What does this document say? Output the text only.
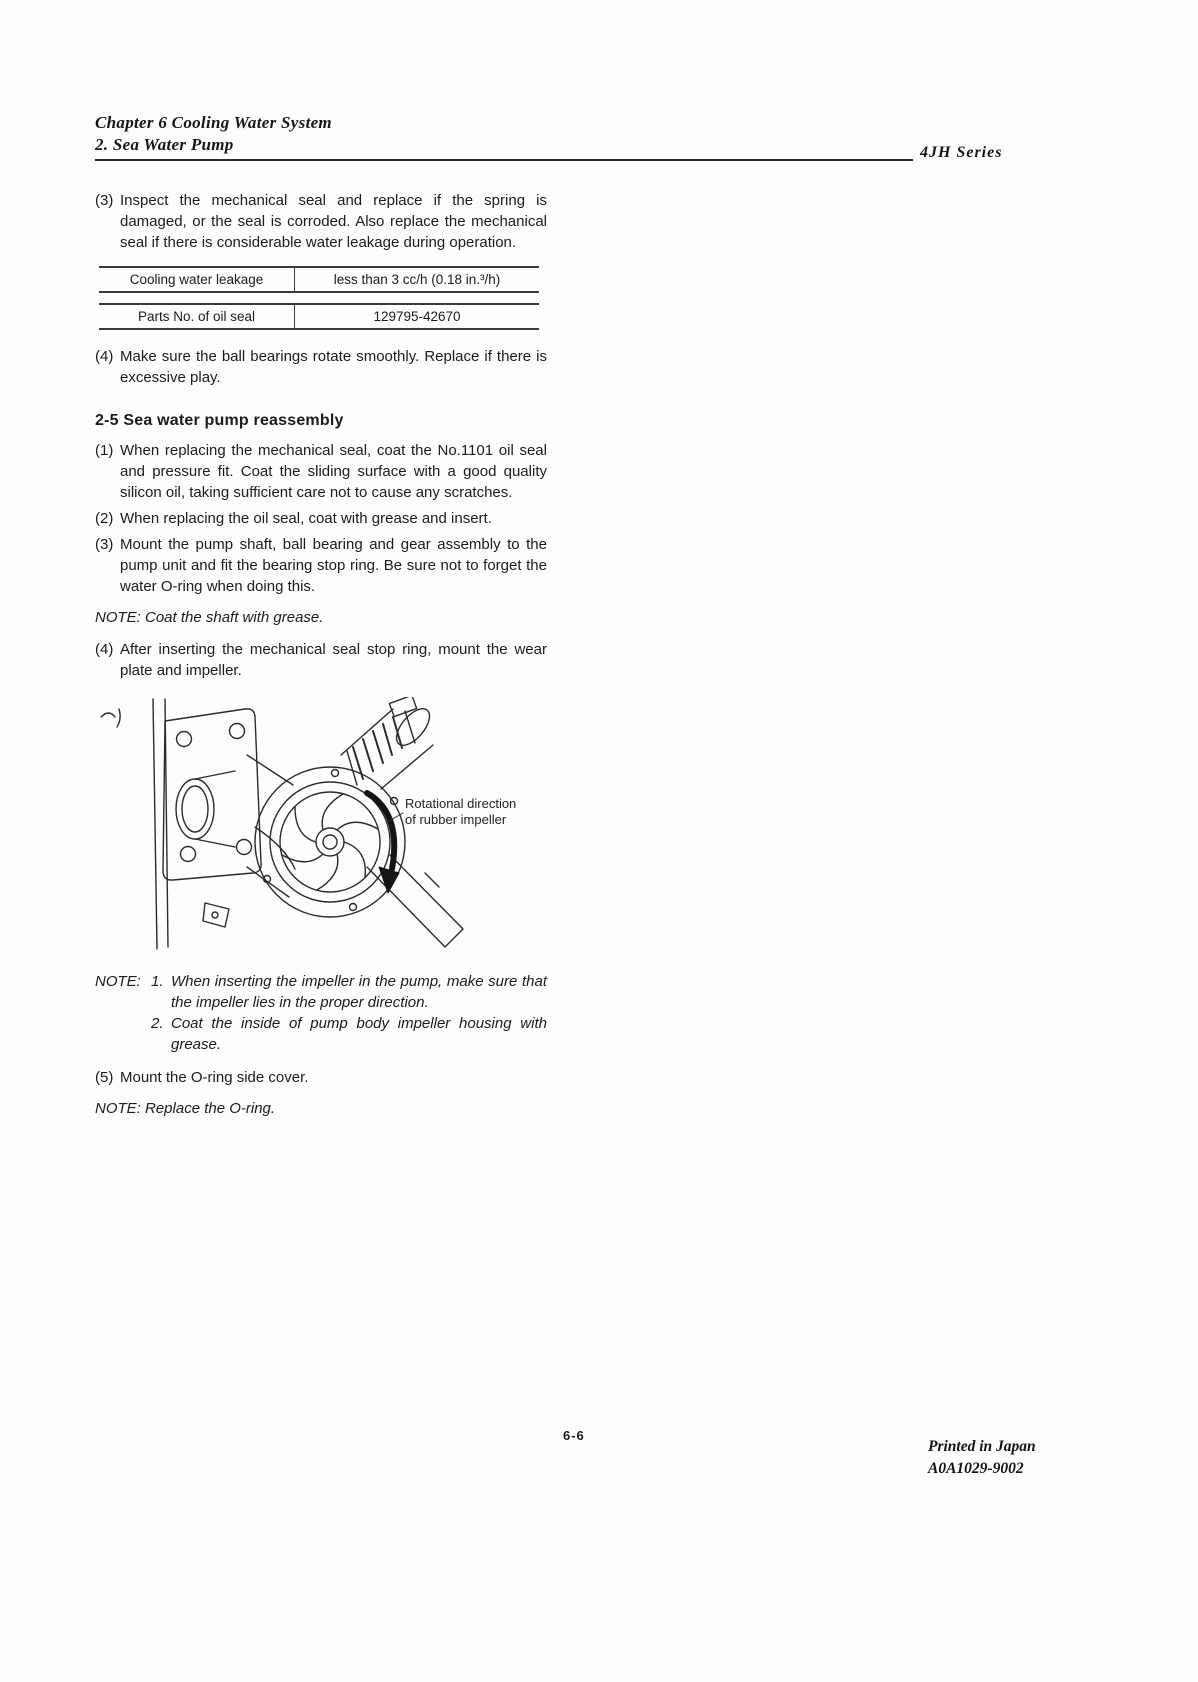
Chapter 6 Cooling Water System
2. Sea Water Pump	4JH Series
(3) Inspect the mechanical seal and replace if the spring is damaged, or the seal is corroded. Also replace the mechanical seal if there is considerable water leakage during operation.
Cooling water leakage	less than 3 cc/h (0.18 in.³/h)
Parts No. of oil seal	129795-42670
(4) Make sure the ball bearings rotate smoothly. Replace if there is excessive play.
2-5 Sea water pump reassembly
(1) When replacing the mechanical seal, coat the No.1101 oil seal and pressure fit. Coat the sliding surface with a good quality silicon oil, taking sufficient care not to cause any scratches.
(2) When replacing the oil seal, coat with grease and insert.
(3) Mount the pump shaft, ball bearing and gear assembly to the pump unit and fit the bearing stop ring. Be sure not to forget the water O-ring when doing this.
NOTE: Coat the shaft with grease.
(4) After inserting the mechanical seal stop ring, mount the wear plate and impeller.
Rotational direction
of rubber impeller
NOTE: 1. When inserting the impeller in the pump, make sure that the impeller lies in the proper direction.
2. Coat the inside of pump body impeller housing with grease.
(5) Mount the O-ring side cover.
NOTE: Replace the O-ring.
6-6
Printed in Japan
A0A1029-9002
